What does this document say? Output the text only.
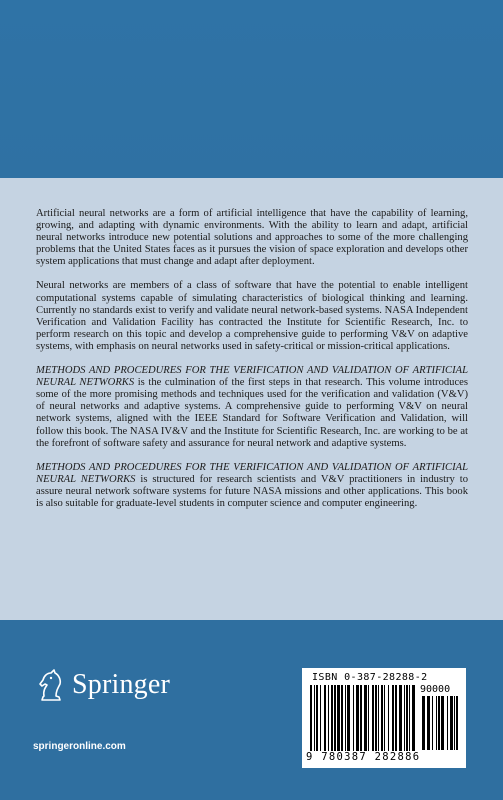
Artificial neural networks are a form of artificial intelligence that have the capability of learning, growing, and adapting with dynamic environments. With the ability to learn and adapt, artificial neural networks introduce new potential solutions and approaches to some of the more challenging problems that the United States faces as it pursues the vision of space exploration and develops other system applications that must change and adapt after deployment.

Neural networks are members of a class of software that have the potential to enable intelligent computational systems capable of simulating characteristics of biological thinking and learning. Currently no standards exist to verify and validate neural network-based systems. NASA Independent Verification and Validation Facility has contracted the Institute for Scientific Research, Inc. to perform research on this topic and develop a comprehensive guide to performing V&V on adaptive systems, with emphasis on neural networks used in safety-critical or mission-critical applications.

METHODS AND PROCEDURES FOR THE VERIFICATION AND VALIDATION OF ARTIFICIAL NEURAL NETWORKS is the culmination of the first steps in that research. This volume introduces some of the more promising methods and techniques used for the verification and validation (V&V) of neural networks and adaptive systems. A comprehensive guide to performing V&V on neural network systems, aligned with the IEEE Standard for Software Verification and Validation, will follow this book. The NASA IV&V and the Institute for Scientific Research, Inc. are working to be at the forefront of software safety and assurance for neural network and adaptive systems.

METHODS AND PROCEDURES FOR THE VERIFICATION AND VALIDATION OF ARTIFICIAL NEURAL NETWORKS is structured for research scientists and V&V practitioners in industry to assure neural network software systems for future NASA missions and other applications. This book is also suitable for graduate-level students in computer science and computer engineering.

Springer
springeronline.com
ISBN 0-387-28288-2
90000
9 780387 282886
